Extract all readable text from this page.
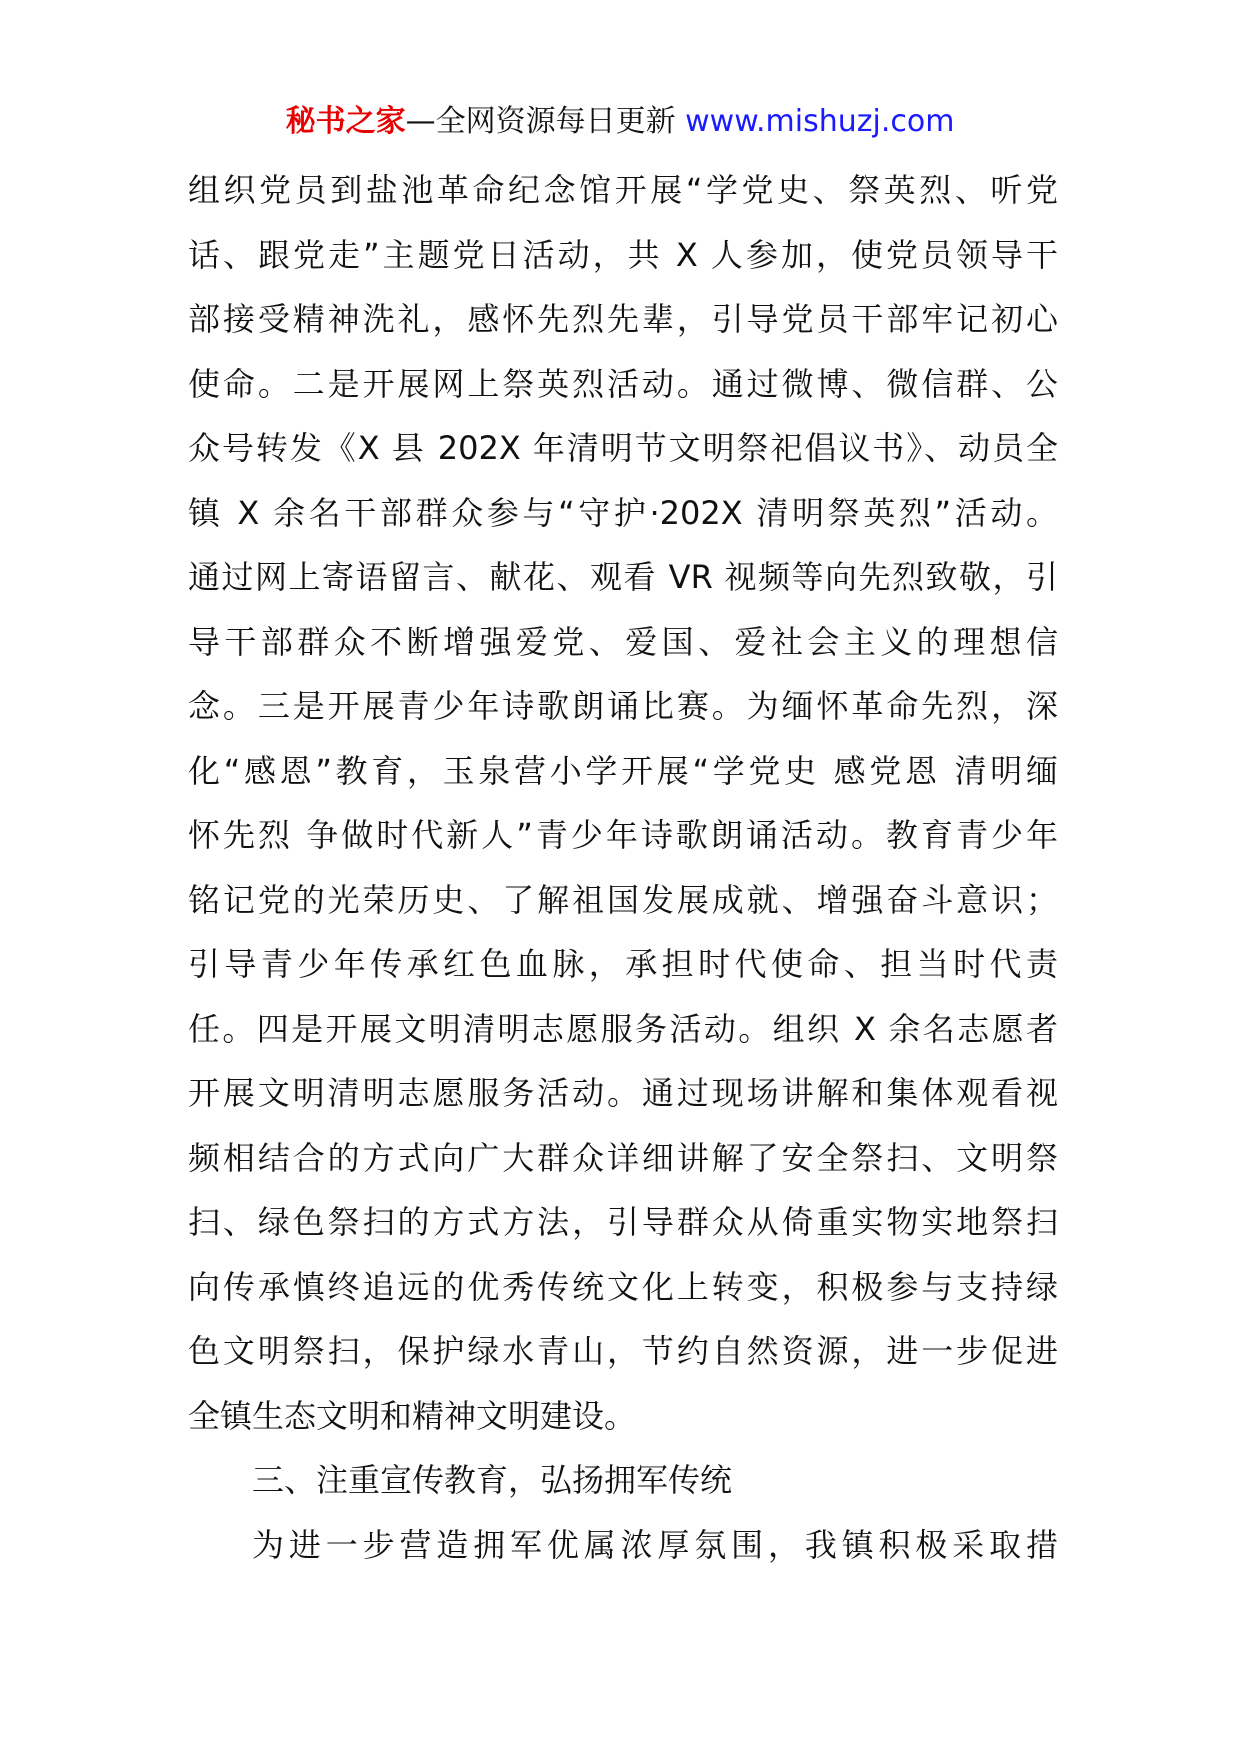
秘书之家—全网资源每日更新 www.mishuzj.com
组织党员到盐池革命纪念馆开展“学党史、祭英烈、听党
话、跟党走”主题党日活动，共 X 人参加，使党员领导干
部接受精神洗礼，感怀先烈先辈，引导党员干部牢记初心
使命。二是开展网上祭英烈活动。通过微博、微信群、公
众号转发《X 县 202X 年清明节文明祭祀倡议书》、动员全
镇 X 余名干部群众参与“守护·202X 清明祭英烈”活动。
通过网上寄语留言、献花、观看 VR 视频等向先烈致敬，引
导干部群众不断增强爱党、爱国、爱社会主义的理想信
念。三是开展青少年诗歌朗诵比赛。为缅怀革命先烈，深
化“感恩”教育，玉泉营小学开展“学党史 感党恩 清明缅
怀先烈 争做时代新人”青少年诗歌朗诵活动。教育青少年
铭记党的光荣历史、了解祖国发展成就、增强奋斗意识；
引导青少年传承红色血脉，承担时代使命、担当时代责
任。四是开展文明清明志愿服务活动。组织 X 余名志愿者
开展文明清明志愿服务活动。通过现场讲解和集体观看视
频相结合的方式向广大群众详细讲解了安全祭扫、文明祭
扫、绿色祭扫的方式方法，引导群众从倚重实物实地祭扫
向传承慎终追远的优秀传统文化上转变，积极参与支持绿
色文明祭扫，保护绿水青山，节约自然资源，进一步促进
全镇生态文明和精神文明建设。
三、注重宣传教育，弘扬拥军传统
为进一步营造拥军优属浓厚氛围，我镇积极采取措
